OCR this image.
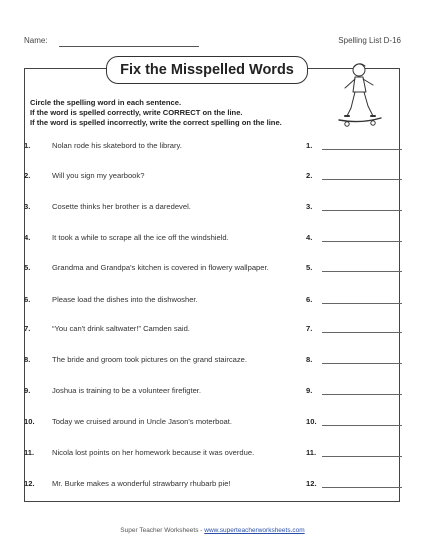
Name:	Spelling List D-16
Fix the Misspelled Words
Circle the spelling word in each sentence.
If the word is spelled correctly, write CORRECT on the line.
If the word is spelled incorrectly, write the correct spelling on the line.
1.	Nolan rode his skatebord to the library.	1.
2.	Will you sign my yearbook?	2.
3.	Cosette thinks her brother is a daredevel.	3.
4.	It took a while to scrape all the ice off the windshield.	4.
5.	Grandma and Grandpa's kitchen is covered in flowery wallpaper.	5.
6.	Please load the dishes into the dishwosher.	6.
7.	“You can't drink saltwater!” Camden said.	7.
8.	The bride and groom took pictures on the grand staircaze.	8.
9.	Joshua is training to be a volunteer firefigter.	9.
10. Today we cruised around in Uncle Jason's moterboat.	10.
11. Nicola lost points on her homework because it was overdue.	11.
12. Mr. Burke makes a wonderful strawbarry rhubarb pie!	12.
Super Teacher Worksheets - www.superteacherworksheets.com
